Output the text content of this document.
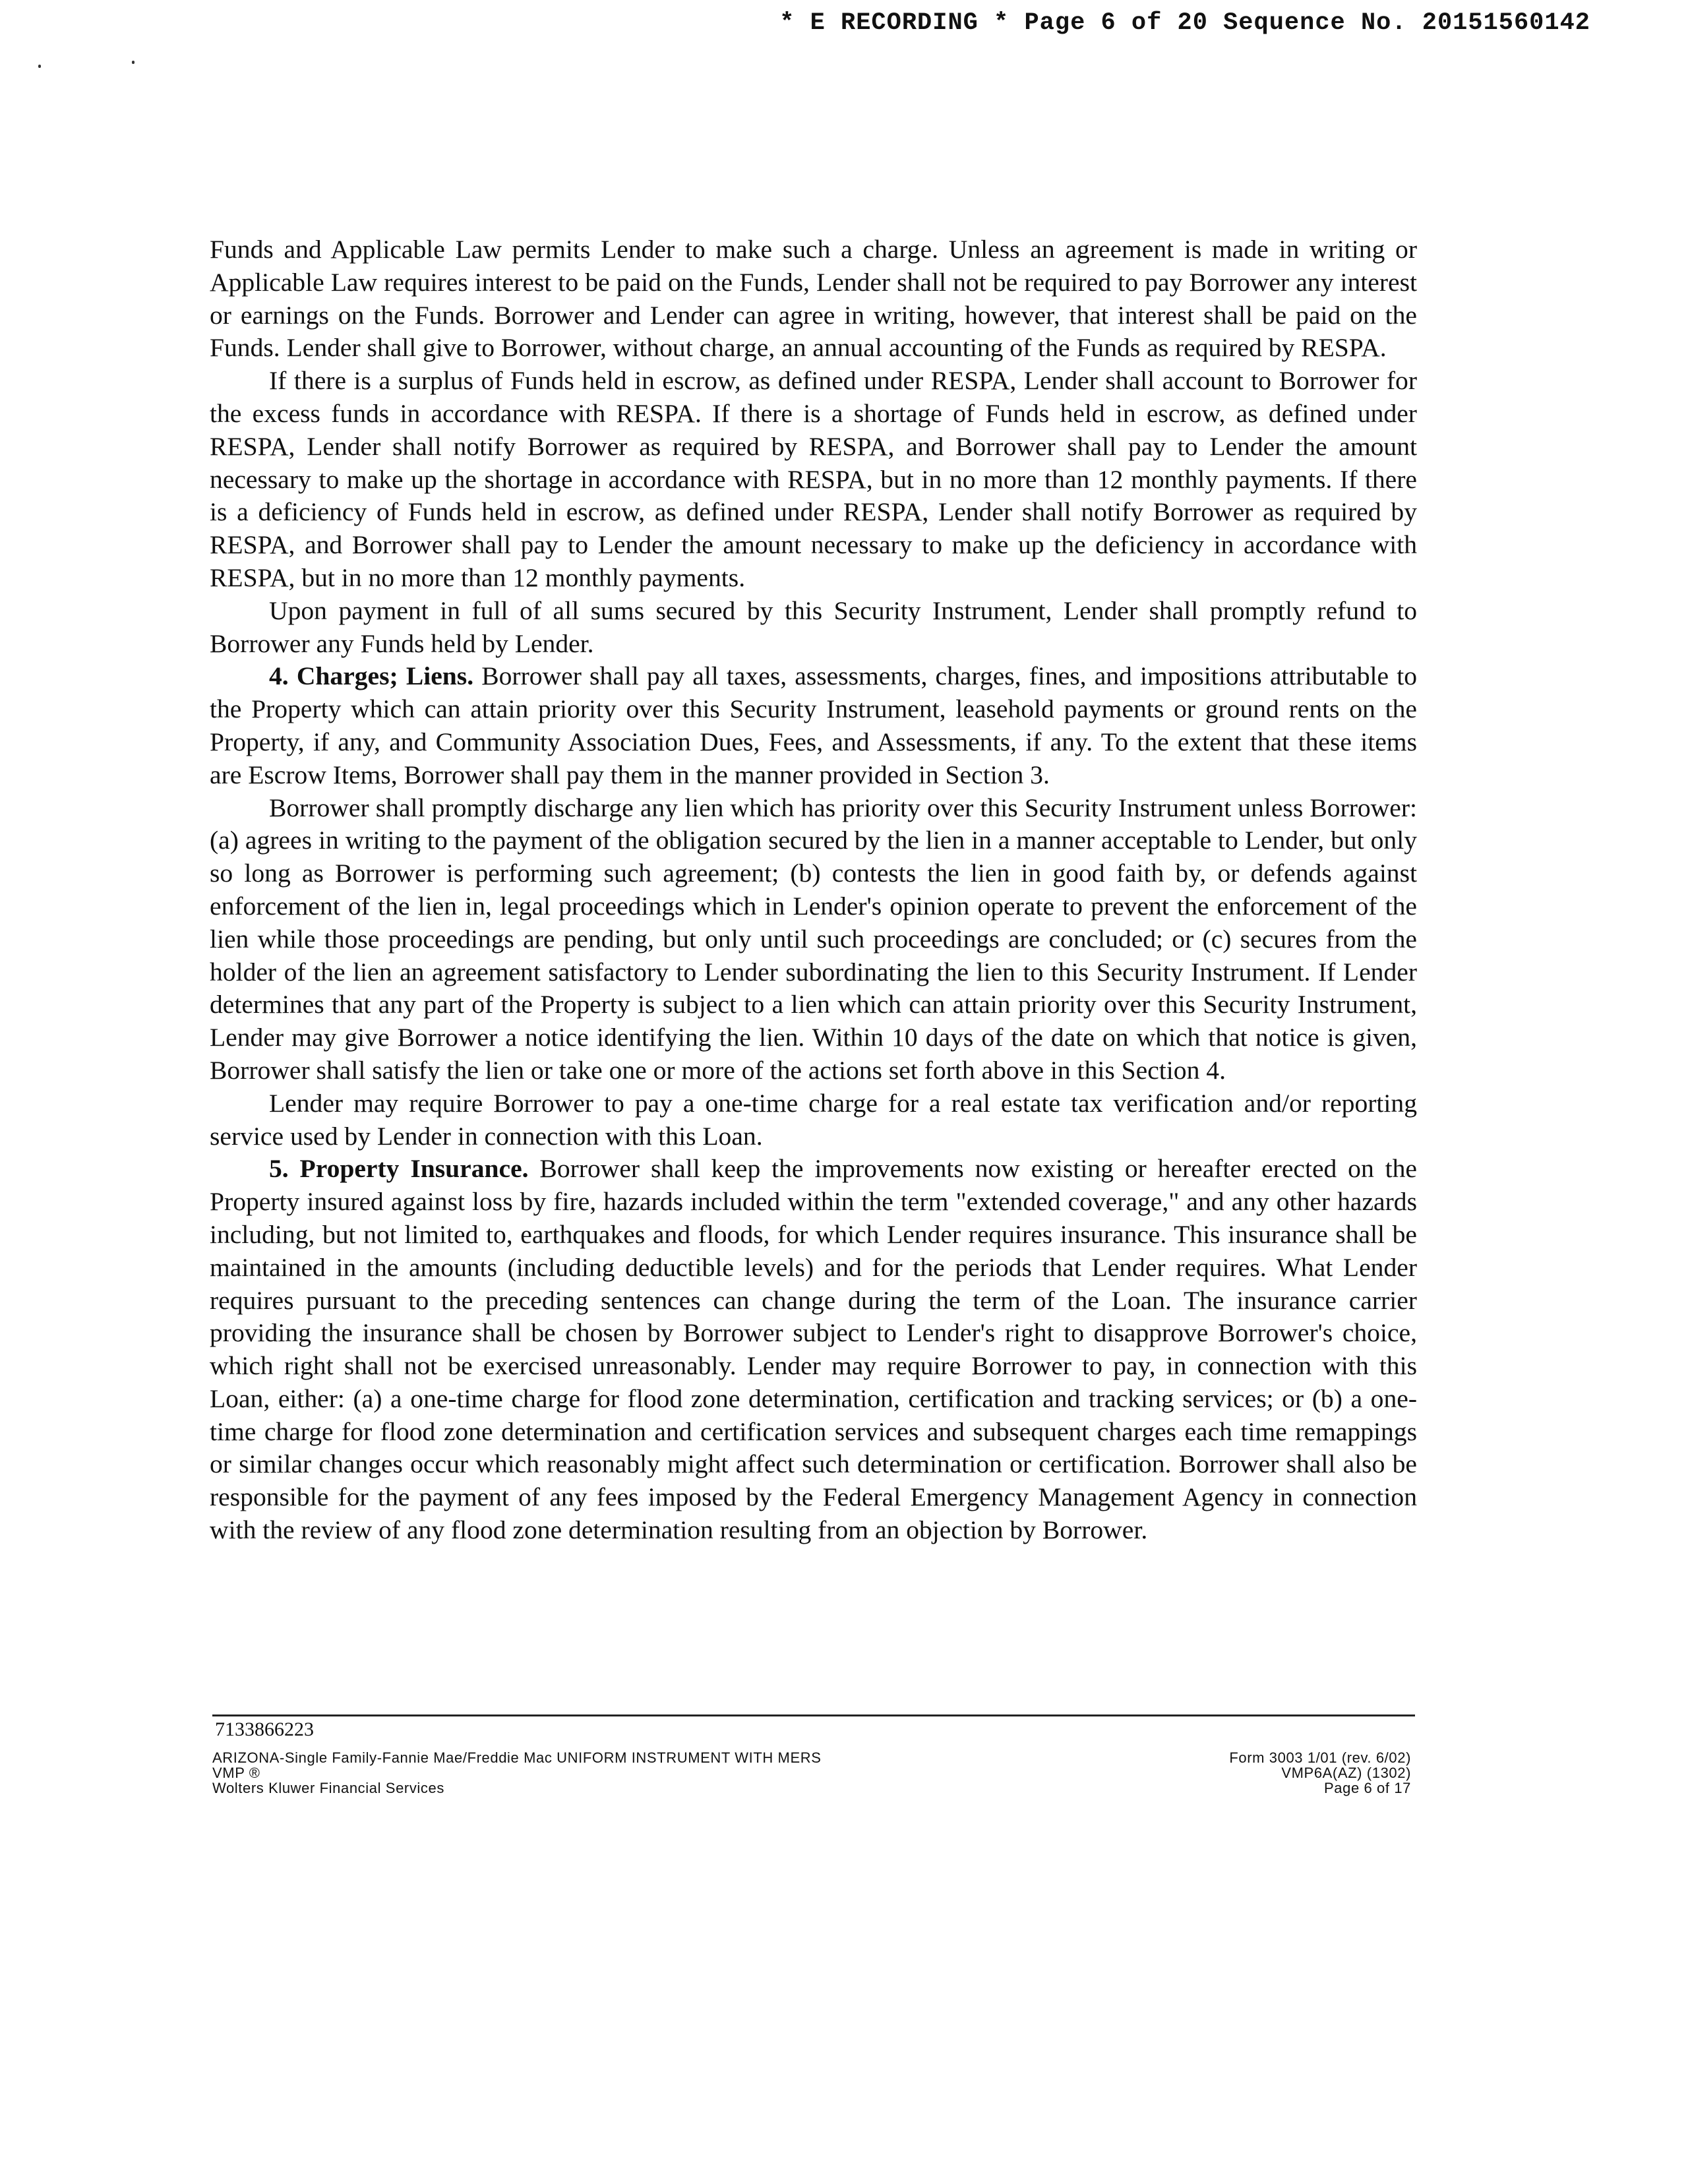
* E RECORDING * Page 6 of 20 Sequence No. 20151560142

Funds and Applicable Law permits Lender to make such a charge. Unless an agreement is made in writing or Applicable Law requires interest to be paid on the Funds, Lender shall not be required to pay Borrower any interest or earnings on the Funds. Borrower and Lender can agree in writing, however, that interest shall be paid on the Funds. Lender shall give to Borrower, without charge, an annual accounting of the Funds as required by RESPA.

If there is a surplus of Funds held in escrow, as defined under RESPA, Lender shall account to Borrower for the excess funds in accordance with RESPA. If there is a shortage of Funds held in escrow, as defined under RESPA, Lender shall notify Borrower as required by RESPA, and Borrower shall pay to Lender the amount necessary to make up the shortage in accordance with RESPA, but in no more than 12 monthly payments. If there is a deficiency of Funds held in escrow, as defined under RESPA, Lender shall notify Borrower as required by RESPA, and Borrower shall pay to Lender the amount necessary to make up the deficiency in accordance with RESPA, but in no more than 12 monthly payments.

Upon payment in full of all sums secured by this Security Instrument, Lender shall promptly refund to Borrower any Funds held by Lender.

4. Charges; Liens. Borrower shall pay all taxes, assessments, charges, fines, and impositions attributable to the Property which can attain priority over this Security Instrument, leasehold payments or ground rents on the Property, if any, and Community Association Dues, Fees, and Assessments, if any. To the extent that these items are Escrow Items, Borrower shall pay them in the manner provided in Section 3.

Borrower shall promptly discharge any lien which has priority over this Security Instrument unless Borrower: (a) agrees in writing to the payment of the obligation secured by the lien in a manner acceptable to Lender, but only so long as Borrower is performing such agreement; (b) contests the lien in good faith by, or defends against enforcement of the lien in, legal proceedings which in Lender's opinion operate to prevent the enforcement of the lien while those proceedings are pending, but only until such proceedings are concluded; or (c) secures from the holder of the lien an agreement satisfactory to Lender subordinating the lien to this Security Instrument. If Lender determines that any part of the Property is subject to a lien which can attain priority over this Security Instrument, Lender may give Borrower a notice identifying the lien. Within 10 days of the date on which that notice is given, Borrower shall satisfy the lien or take one or more of the actions set forth above in this Section 4.

Lender may require Borrower to pay a one-time charge for a real estate tax verification and/or reporting service used by Lender in connection with this Loan.

5. Property Insurance. Borrower shall keep the improvements now existing or hereafter erected on the Property insured against loss by fire, hazards included within the term "extended coverage," and any other hazards including, but not limited to, earthquakes and floods, for which Lender requires insurance. This insurance shall be maintained in the amounts (including deductible levels) and for the periods that Lender requires. What Lender requires pursuant to the preceding sentences can change during the term of the Loan. The insurance carrier providing the insurance shall be chosen by Borrower subject to Lender's right to disapprove Borrower's choice, which right shall not be exercised unreasonably. Lender may require Borrower to pay, in connection with this Loan, either: (a) a one-time charge for flood zone determination, certification and tracking services; or (b) a one-time charge for flood zone determination and certification services and subsequent charges each time remappings or similar changes occur which reasonably might affect such determination or certification. Borrower shall also be responsible for the payment of any fees imposed by the Federal Emergency Management Agency in connection with the review of any flood zone determination resulting from an objection by Borrower.

7133866223
ARIZONA-Single Family-Fannie Mae/Freddie Mac UNIFORM INSTRUMENT WITH MERS
VMP ®
Wolters Kluwer Financial Services
Form 3003 1/01 (rev. 6/02)
VMP6A(AZ) (1302)
Page 6 of 17
